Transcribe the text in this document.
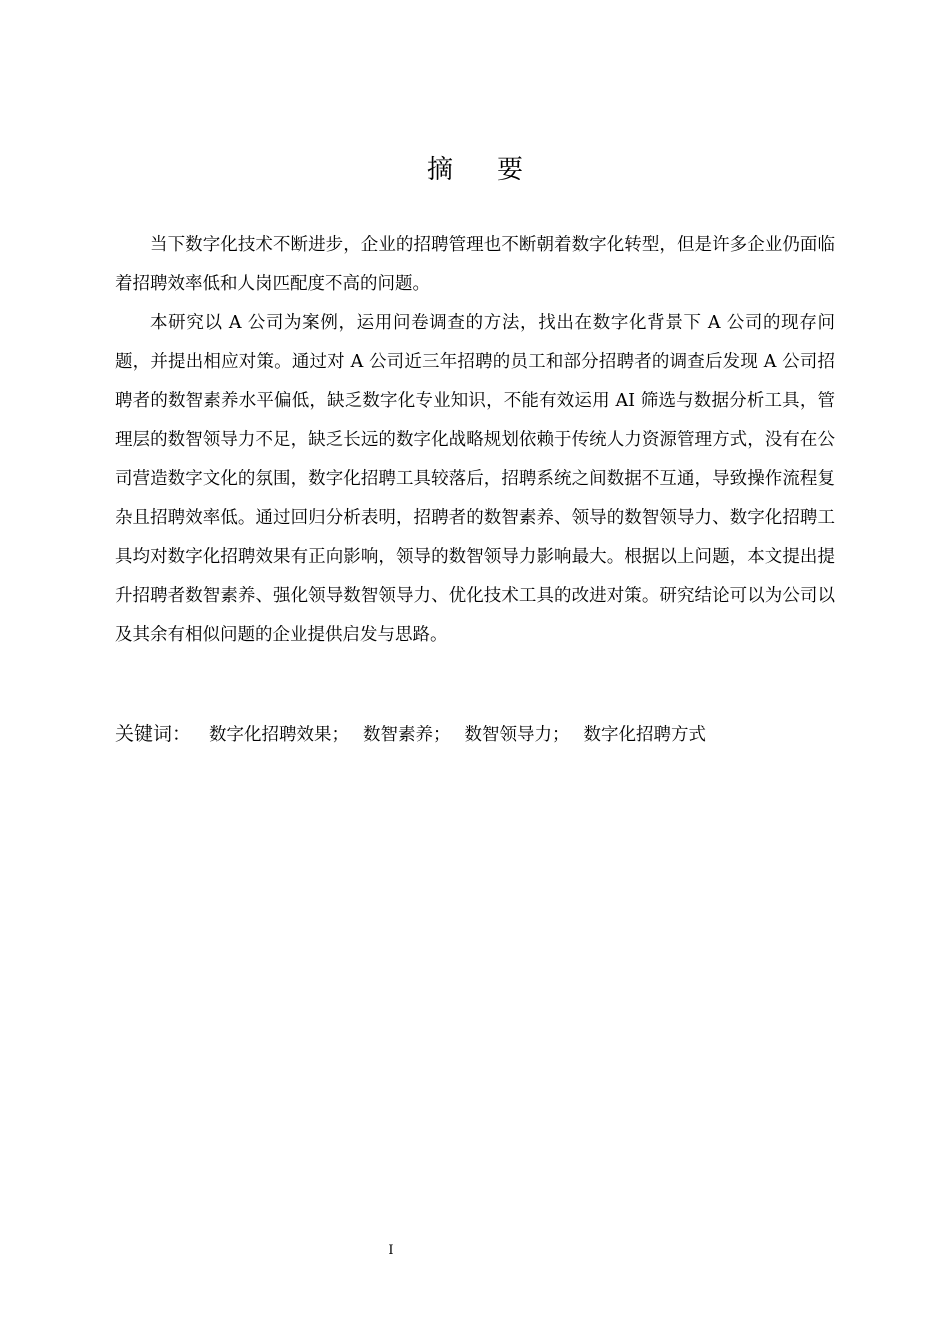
摘 要

当下数字化技术不断进步，企业的招聘管理也不断朝着数字化转型，但是许多企业仍面临着招聘效率低和人岗匹配度不高的问题。

本研究以 A 公司为案例，运用问卷调查的方法，找出在数字化背景下 A 公司的现存问题，并提出相应对策。通过对 A 公司近三年招聘的员工和部分招聘者的调查后发现 A 公司招聘者的数智素养水平偏低，缺乏数字化专业知识，不能有效运用 AI 筛选与数据分析工具，管理层的数智领导力不足，缺乏长远的数字化战略规划依赖于传统人力资源管理方式，没有在公司营造数字文化的氛围，数字化招聘工具较落后，招聘系统之间数据不互通，导致操作流程复杂且招聘效率低。通过回归分析表明，招聘者的数智素养、领导的数智领导力、数字化招聘工具均对数字化招聘效果有正向影响，领导的数智领导力影响最大。根据以上问题，本文提出提升招聘者数智素养、强化领导数智领导力、优化技术工具的改进对策。研究结论可以为公司以及其余有相似问题的企业提供启发与思路。

关键词： 数字化招聘效果； 数智素养； 数智领导力； 数字化招聘方式
I
